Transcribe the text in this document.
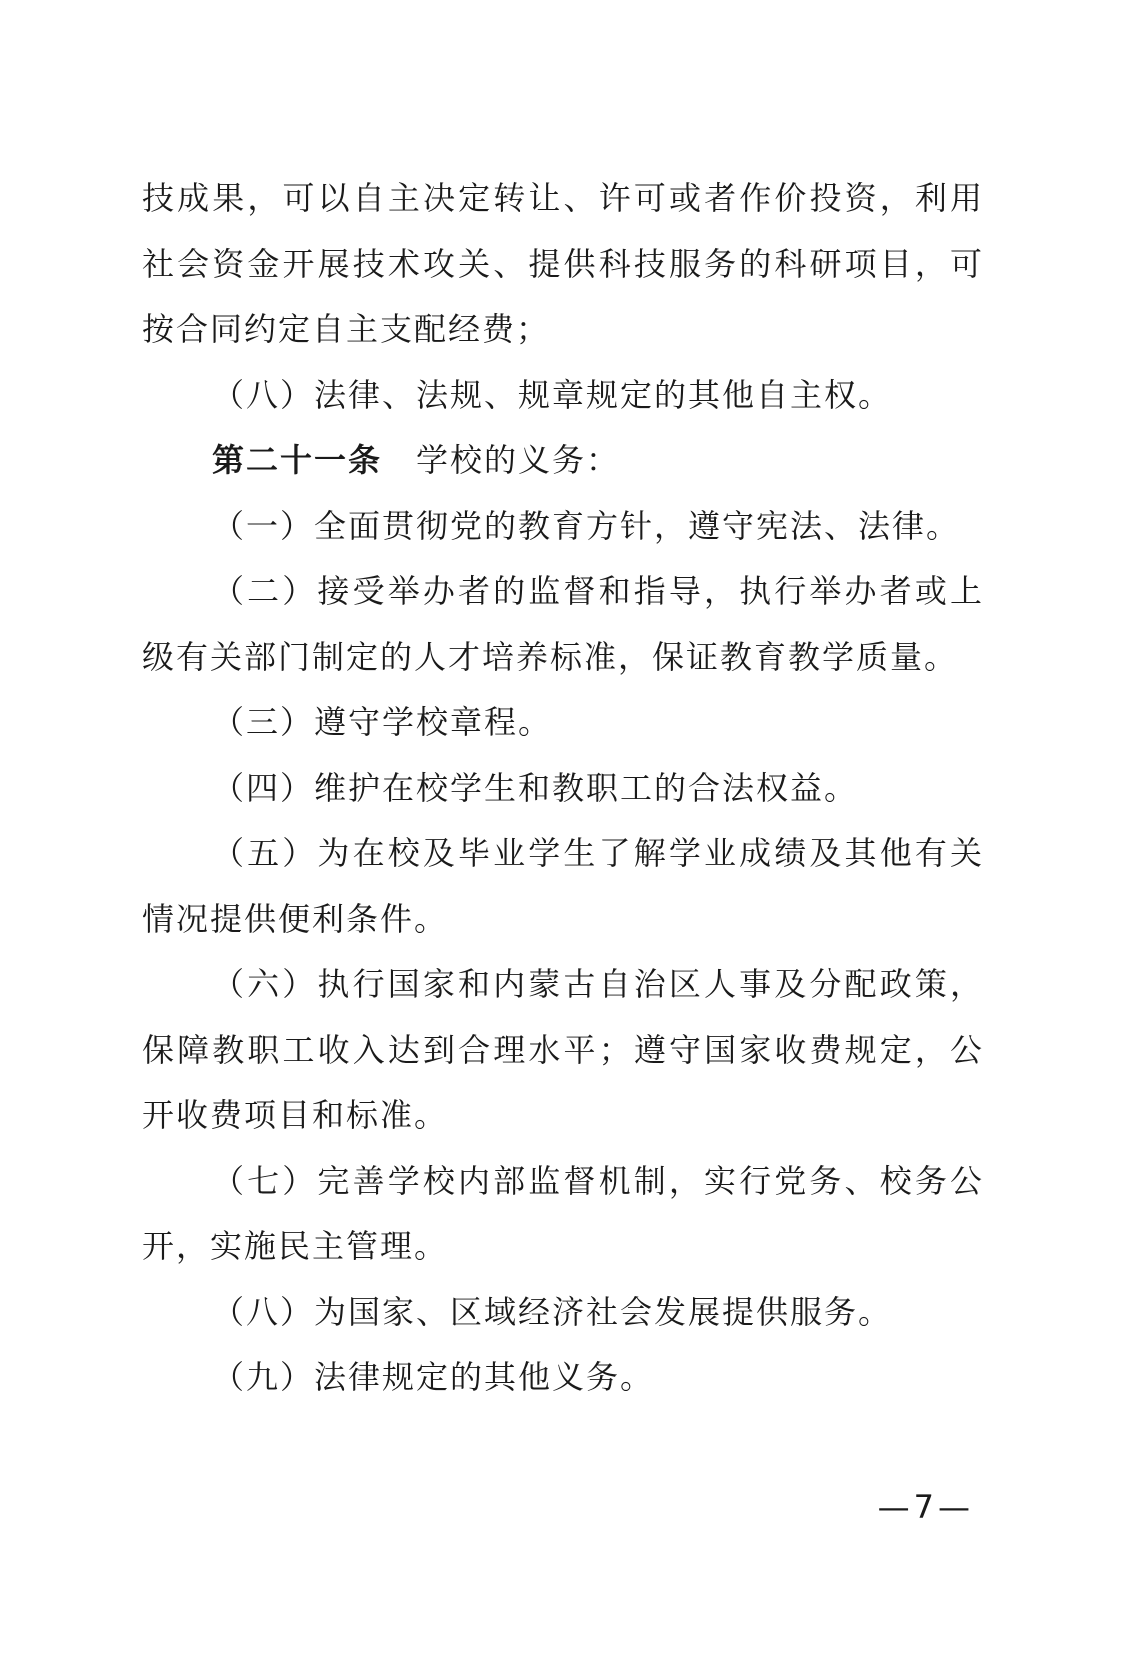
技成果，可以自主决定转让、许可或者作价投资，利用
社会资金开展技术攻关、提供科技服务的科研项目，可
按合同约定自主支配经费；
（八）法律、法规、规章规定的其他自主权。
第二十一条 学校的义务：
（一）全面贯彻党的教育方针，遵守宪法、法律。
（二）接受举办者的监督和指导，执行举办者或上
级有关部门制定的人才培养标准，保证教育教学质量。
（三）遵守学校章程。
（四）维护在校学生和教职工的合法权益。
（五）为在校及毕业学生了解学业成绩及其他有关
情况提供便利条件。
（六）执行国家和内蒙古自治区人事及分配政策，
保障教职工收入达到合理水平；遵守国家收费规定，公
开收费项目和标准。
（七）完善学校内部监督机制，实行党务、校务公
开，实施民主管理。
（八）为国家、区域经济社会发展提供服务。
（九）法律规定的其他义务。
—7—
